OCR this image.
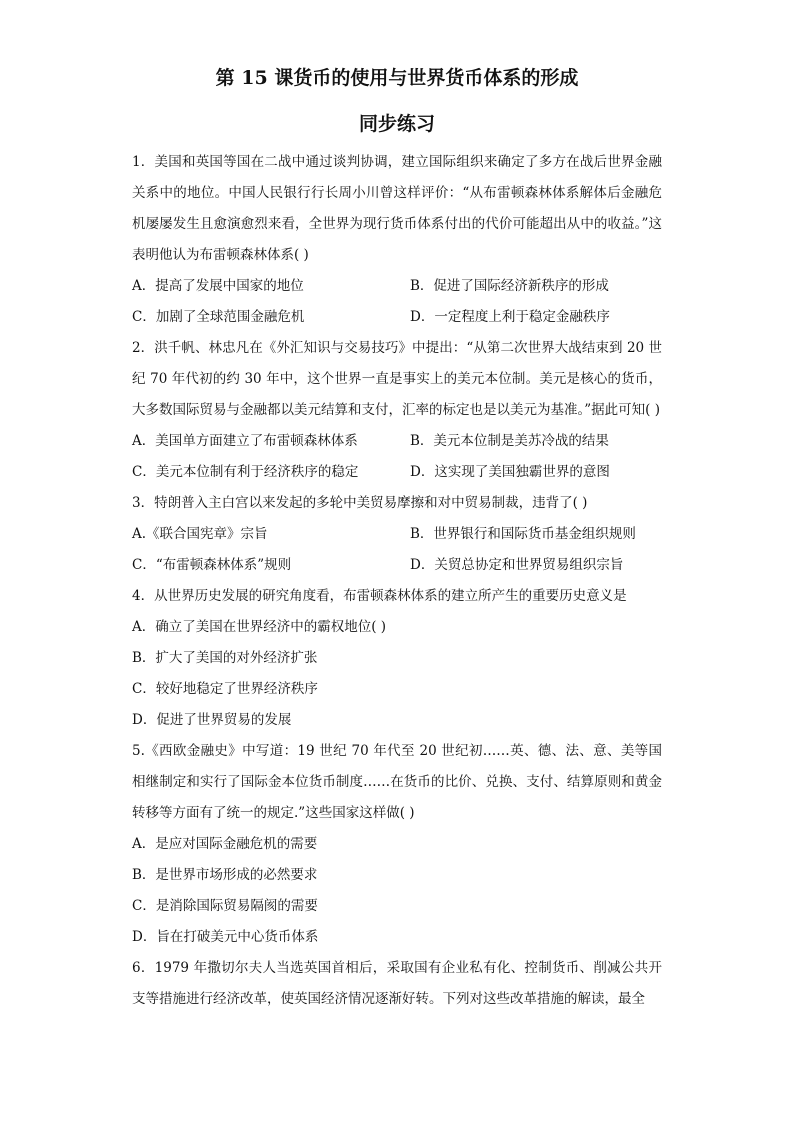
第 15 课货币的使用与世界货币体系的形成
同步练习

1．美国和英国等国在二战中通过谈判协调，建立国际组织来确定了多方在战后世界金融关系中的地位。中国人民银行行长周小川曾这样评价：“从布雷顿森林体系解体后金融危机屡屡发生且愈演愈烈来看，全世界为现行货币体系付出的代价可能超出从中的收益。”这表明他认为布雷顿森林体系( )

A．提高了发展中国家的地位	B．促进了国际经济新秩序的形成
C．加剧了全球范围金融危机	D．一定程度上利于稳定金融秩序

2．洪千帆、林忠凡在《外汇知识与交易技巧》中提出：“从第二次世界大战结束到 20 世纪 70 年代初的约 30 年中，这个世界一直是事实上的美元本位制。美元是核心的货币，大多数国际贸易与金融都以美元结算和支付，汇率的标定也是以美元为基准。”据此可知( )

A．美国单方面建立了布雷顿森林体系	B．美元本位制是美苏冷战的结果
C．美元本位制有利于经济秩序的稳定	D．这实现了美国独霸世界的意图

3．特朗普入主白宫以来发起的多轮中美贸易摩擦和对中贸易制裁，违背了( )

A.《联合国宪章》宗旨	B．世界银行和国际货币基金组织规则
C．“布雷顿森林体系”规则	D．关贸总协定和世界贸易组织宗旨

4．从世界历史发展的研究角度看，布雷顿森林体系的建立所产生的重要历史意义是

A．确立了美国在世界经济中的霸权地位( )
B．扩大了美国的对外经济扩张
C．较好地稳定了世界经济秩序
D．促进了世界贸易的发展

5.《西欧金融史》中写道：19 世纪 70 年代至 20 世纪初……英、德、法、意、美等国相继制定和实行了国际金本位货币制度……在货币的比价、兑换、支付、结算原则和黄金转移等方面有了统一的规定.”这些国家这样做( )

A．是应对国际金融危机的需要
B．是世界市场形成的必然要求
C．是消除国际贸易隔阂的需要
D．旨在打破美元中心货币体系

6．1979 年撒切尔夫人当选英国首相后，采取国有企业私有化、控制货币、削减公共开支等措施进行经济改革，使英国经济情况逐渐好转。下列对这些改革措施的解读，最全
